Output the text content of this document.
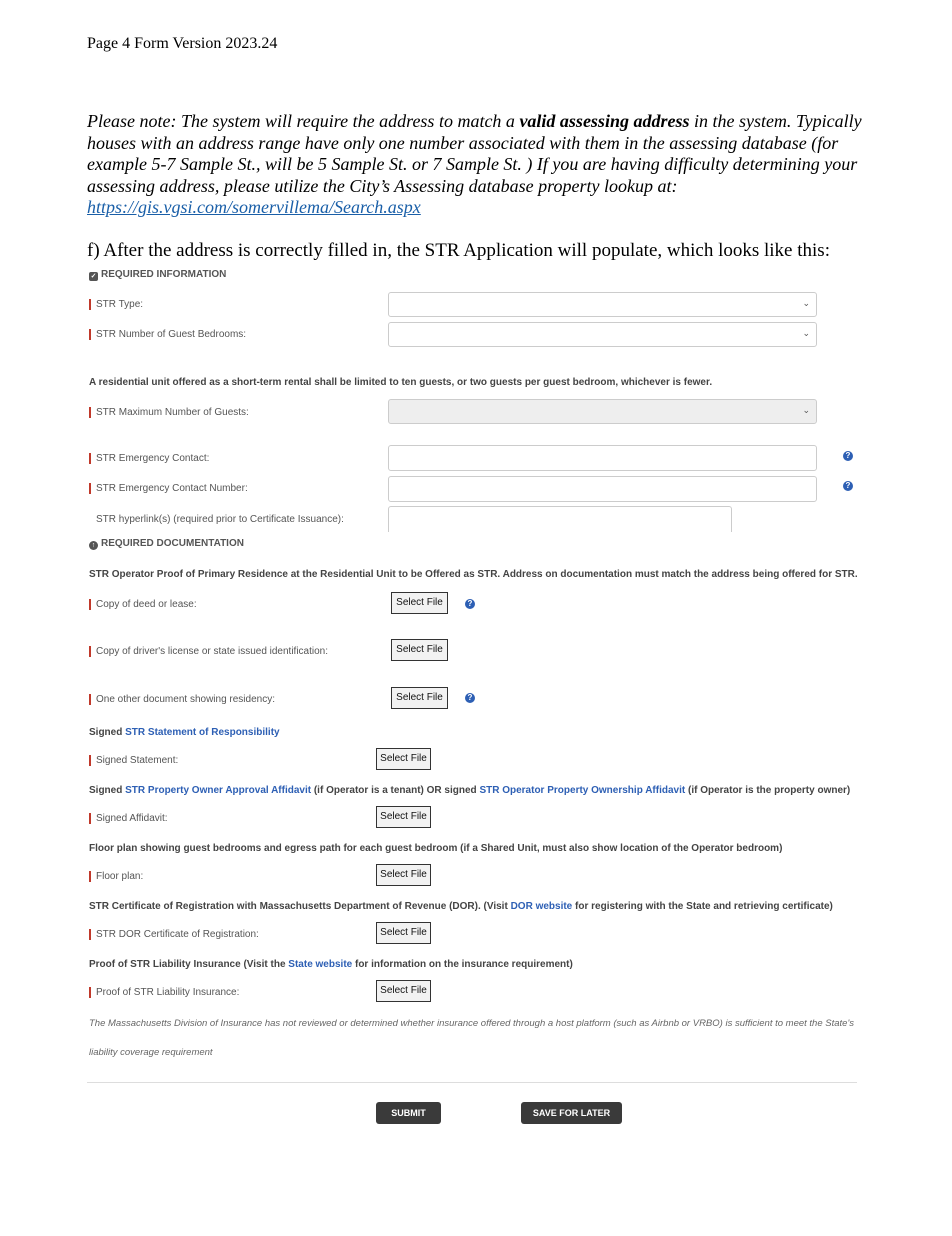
Page 4 Form Version 2023.24
Please note: The system will require the address to match a valid assessing address in the system. Typically houses with an address range have only one number associated with them in the assessing database (for example 5-7 Sample St., will be 5 Sample St. or 7 Sample St. ) If you are having difficulty determining your assessing address, please utilize the City’s Assessing database property lookup at: https://gis.vgsi.com/somervillema/Search.aspx
f) After the address is correctly filled in, the STR Application will populate, which looks like this:
✓ REQUIRED INFORMATION
STR Type:	⌄
STR Number of Guest Bedrooms:	⌄
A residential unit offered as a short-term rental shall be limited to ten guests, or two guests per guest bedroom, whichever is fewer.
STR Maximum Number of Guests:	⌄
STR Emergency Contact:	?
STR Emergency Contact Number:	?
STR hyperlink(s) (required prior to Certificate Issuance):
↑ REQUIRED DOCUMENTATION
STR Operator Proof of Primary Residence at the Residential Unit to be Offered as STR. Address on documentation must match the address being offered for STR.
Copy of deed or lease:	Select File	?
Copy of driver's license or state issued identification:	Select File
One other document showing residency:	Select File	?
Signed STR Statement of Responsibility
Signed Statement:	Select File
Signed STR Property Owner Approval Affidavit (if Operator is a tenant) OR signed STR Operator Property Ownership Affidavit (if Operator is the property owner)
Signed Affidavit:	Select File
Floor plan showing guest bedrooms and egress path for each guest bedroom (if a Shared Unit, must also show location of the Operator bedroom)
Floor plan:	Select File
STR Certificate of Registration with Massachusetts Department of Revenue (DOR). (Visit DOR website for registering with the State and retrieving certificate)
STR DOR Certificate of Registration:	Select File
Proof of STR Liability Insurance (Visit the State website for information on the insurance requirement)
Proof of STR Liability Insurance:	Select File
The Massachusetts Division of Insurance has not reviewed or determined whether insurance offered through a host platform (such as Airbnb or VRBO) is sufficient to meet the State's
liability coverage requirement
SUBMIT	SAVE FOR LATER
